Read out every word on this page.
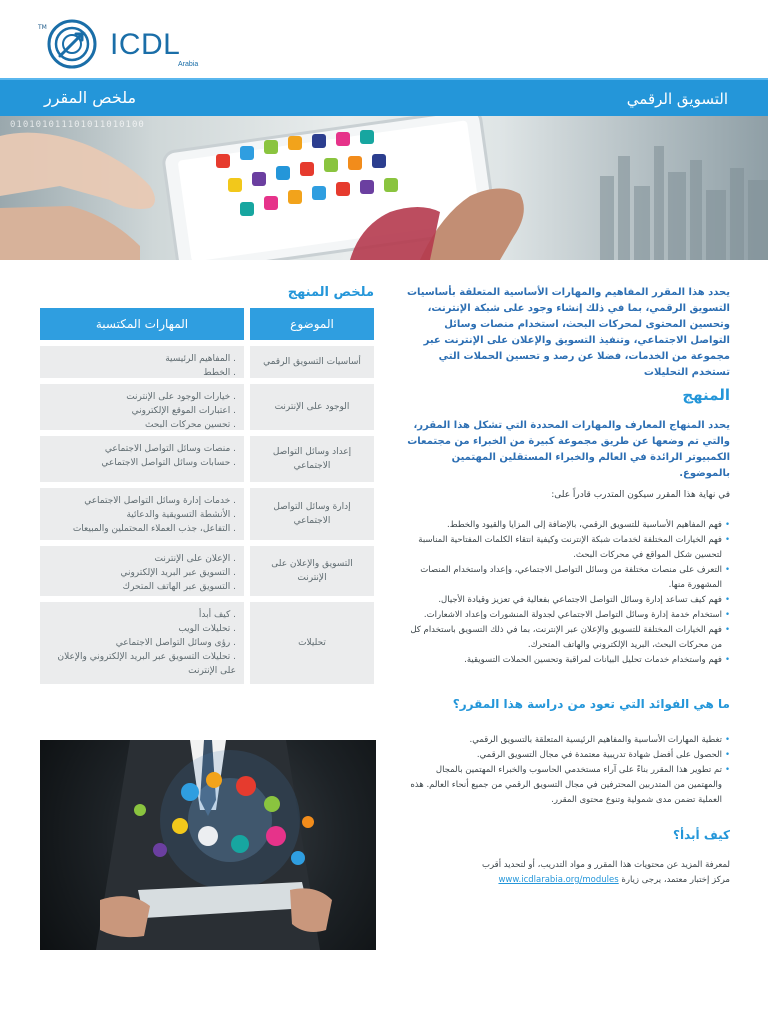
TM
ICDL
Arabia
ملخص المقرر	التسويق الرقمي
010101011101011010100
ملخص المنهج
المهارات المكتسبة	الموضوع
. المفاهيم الرئيسية
. الخطط
أساسيات التسويق الرقمي
. خيارات الوجود على الإنترنت
. اعتبارات الموقع الإلكتروني
. تحسين محركات البحث
الوجود على الإنترنت
. منصات وسائل التواصل الاجتماعي
. حسابات وسائل التواصل الاجتماعي
إعداد وسائل التواصل الاجتماعي
. خدمات إدارة وسائل التواصل الاجتماعي
. الأنشطة التسويقية والدعائية
. التفاعل، جذب العملاء المحتملين والمبيعات
إدارة وسائل التواصل الاجتماعي
. الإعلان على الإنترنت
. التسويق عبر البريد الإلكتروني
. التسويق عبر الهاتف المتحرك
التسويق والإعلان على الإنترنت
. كيف أبدأ
. تحليلات الويب
. رؤى وسائل التواصل الاجتماعي
. تحليلات التسويق عبر البريد الإلكتروني والإعلان على الإنترنت
تحليلات
يحدد هذا المقرر المفاهيم والمهارات الأساسية المتعلقة بأساسيات التسويق الرقمي، بما في ذلك إنشاء وجود على شبكة الإنترنت، وتحسين المحتوى لمحركات البحث، استخدام منصات وسائل التواصل الاجتماعي، وتنفيذ التسويق والإعلان على الإنترنت عبر مجموعة من الخدمات، فضلا عن رصد و تحسين الحملات التي تستخدم التحليلات
المنهج
يحدد المنهاج المعارف والمهارات المحددة التي تشكل هذا المقرر، والتي تم وضعها عن طريق مجموعة كبيرة من الخبراء من مجتمعات الكمبيوتر الرائدة في العالم والخبراء المستقلين المهتمين بالموضوع.
في نهاية هذا المقرر سيكون المتدرب قادراً على:
• فهم المفاهيم الأساسية للتسويق الرقمي، بالإضافة إلى المزايا والقيود والخطط.
• فهم الخيارات المختلفة لخدمات شبكة الإنترنت وكيفية انتقاء الكلمات المفتاحية المناسبة لتحسين شكل المواقع في محركات البحث.
• التعرف على منصات مختلفة من وسائل التواصل الاجتماعي، وإعداد واستخدام المنصات المشهورة منها.
• فهم كيف تساعد إدارة وسائل التواصل الاجتماعي بفعالية في تعزيز وقيادة الأجيال.
• استخدام خدمة إدارة وسائل التواصل الاجتماعي لجدولة المنشورات وإعداد الاشعارات.
• فهم الخيارات المختلفة للتسويق والإعلان عبر الإنترنت، بما في ذلك التسويق باستخدام كل من محركات البحث، البريد الإلكتروني والهاتف المتحرك.
• فهم واستخدام خدمات تحليل البيانات لمراقبة وتحسين الحملات التسويقية.
ما هي الفوائد التي تعود من دراسة هذا المقرر؟
• تغطية المهارات الأساسية والمفاهيم الرئيسية المتعلقة بالتسويق الرقمي.
• الحصول على أفضل شهادة تدريبية معتمدة في مجال التسويق الرقمي.
• تم تطوير هذا المقرر بناءً على آراء مستخدمي الحاسوب والخبراء المهتمين بالمجال والمهتمين من المتدربين المحترفين في مجال التسويق الرقمي من جميع أنحاء العالم. هذه العملية تضمن مدى شمولية وتنوع محتوى المقرر.
كيف أبدأ؟
لمعرفة المزيد عن محتويات هذا المقرر و مواد التدريب، أو لتحديد أقرب
مركز إختبار معتمد، يرجى زيارة www.icdlarabia.org/modules
